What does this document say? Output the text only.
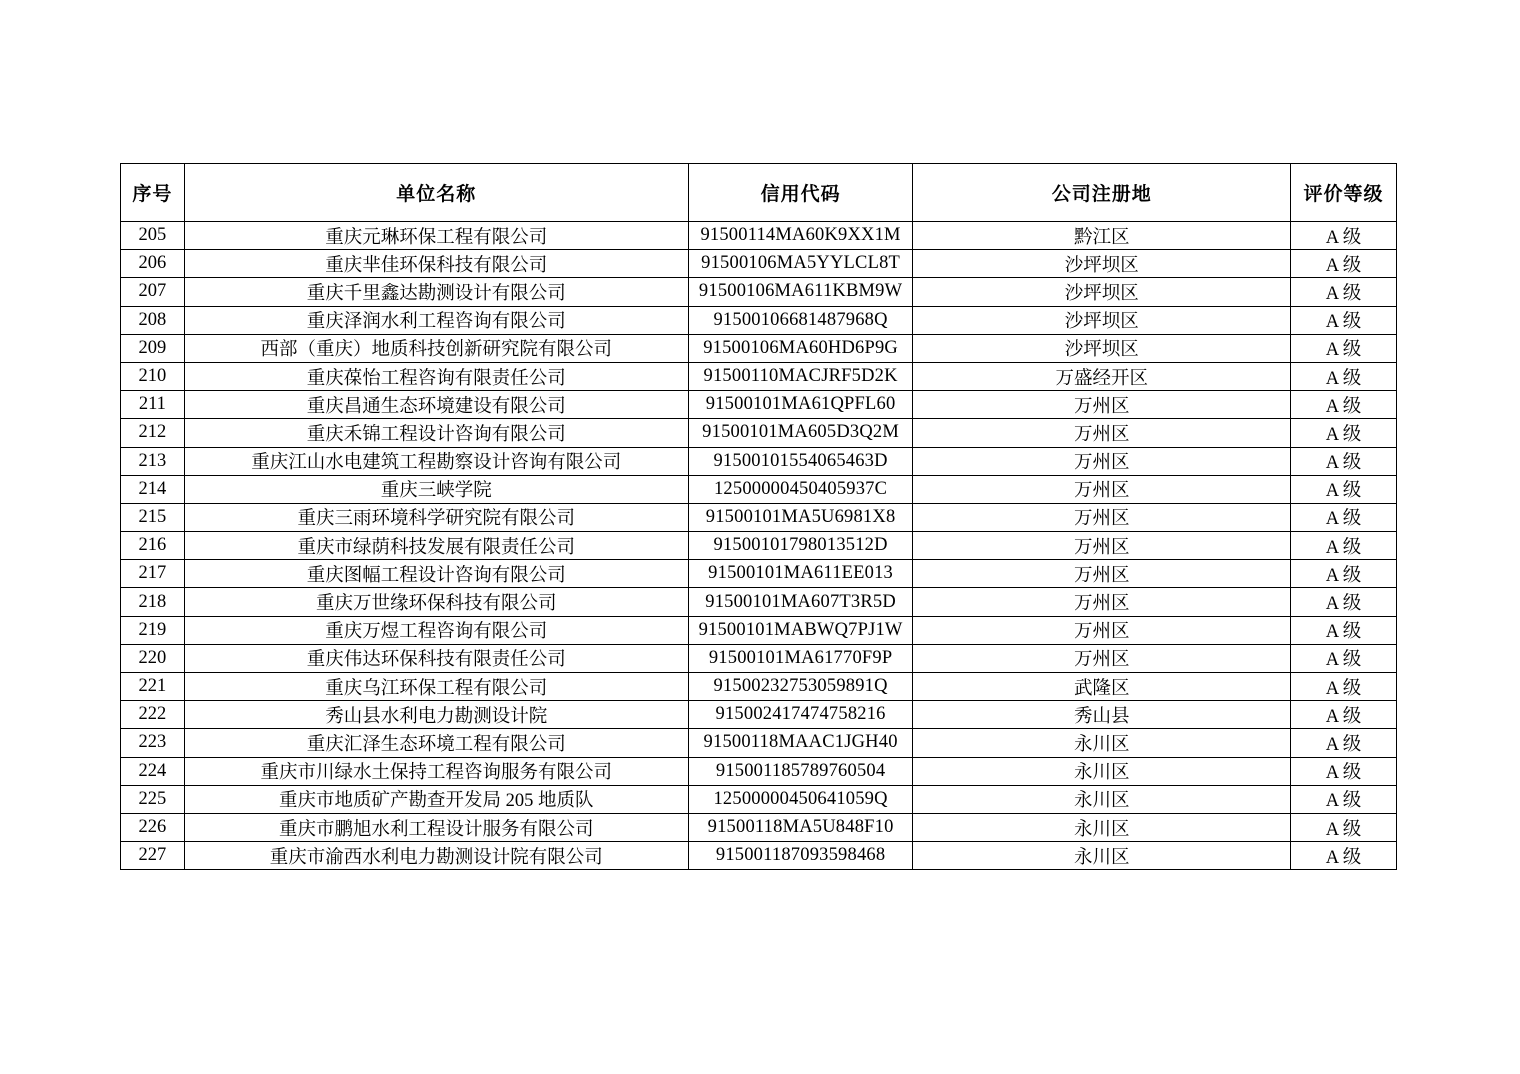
序号	单位名称	信用代码	公司注册地	评价等级
205	重庆元琳环保工程有限公司	91500114MA60K9XX1M	黔江区	A 级
206	重庆芈佳环保科技有限公司	91500106MA5YYLCL8T	沙坪坝区	A 级
207	重庆千里鑫达勘测设计有限公司	91500106MA611KBM9W	沙坪坝区	A 级
208	重庆泽润水利工程咨询有限公司	91500106681487968Q	沙坪坝区	A 级
209	西部（重庆）地质科技创新研究院有限公司	91500106MA60HD6P9G	沙坪坝区	A 级
210	重庆葆怡工程咨询有限责任公司	91500110MACJRF5D2K	万盛经开区	A 级
211	重庆昌通生态环境建设有限公司	91500101MA61QPFL60	万州区	A 级
212	重庆禾锦工程设计咨询有限公司	91500101MA605D3Q2M	万州区	A 级
213	重庆江山水电建筑工程勘察设计咨询有限公司	91500101554065463D	万州区	A 级
214	重庆三峡学院	12500000450405937C	万州区	A 级
215	重庆三雨环境科学研究院有限公司	91500101MA5U6981X8	万州区	A 级
216	重庆市绿荫科技发展有限责任公司	91500101798013512D	万州区	A 级
217	重庆图幅工程设计咨询有限公司	91500101MA611EE013	万州区	A 级
218	重庆万世缘环保科技有限公司	91500101MA607T3R5D	万州区	A 级
219	重庆万煜工程咨询有限公司	91500101MABWQ7PJ1W	万州区	A 级
220	重庆伟达环保科技有限责任公司	91500101MA61770F9P	万州区	A 级
221	重庆乌江环保工程有限公司	91500232753059891Q	武隆区	A 级
222	秀山县水利电力勘测设计院	915002417474758216	秀山县	A 级
223	重庆汇泽生态环境工程有限公司	91500118MAAC1JGH40	永川区	A 级
224	重庆市川绿水土保持工程咨询服务有限公司	915001185789760504	永川区	A 级
225	重庆市地质矿产勘查开发局 205 地质队	12500000450641059Q	永川区	A 级
226	重庆市鹏旭水利工程设计服务有限公司	91500118MA5U848F10	永川区	A 级
227	重庆市渝西水利电力勘测设计院有限公司	915001187093598468	永川区	A 级
